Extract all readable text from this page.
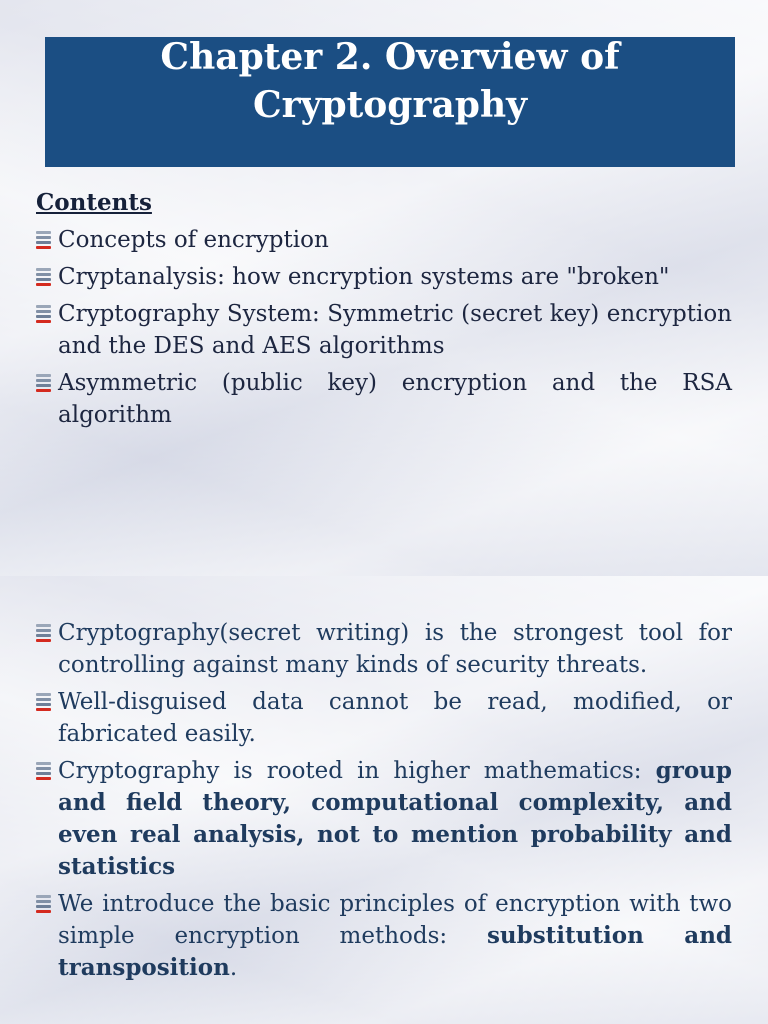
Chapter 2. Overview of
Cryptography
Contents
Concepts of encryption
Cryptanalysis: how encryption systems are "broken"
Cryptography System: Symmetric (secret key) encryption and the DES and AES algorithms
Asymmetric (public key) encryption and the RSA algorithm
Cryptography(secret writing) is the strongest tool for controlling against many kinds of security threats.
Well-disguised data cannot be read, modified, or fabricated easily.
Cryptography is rooted in higher mathematics: group and field theory, computational complexity, and even real analysis, not to mention probability and statistics
We introduce the basic principles of encryption with two simple encryption methods: substitution and transposition.
